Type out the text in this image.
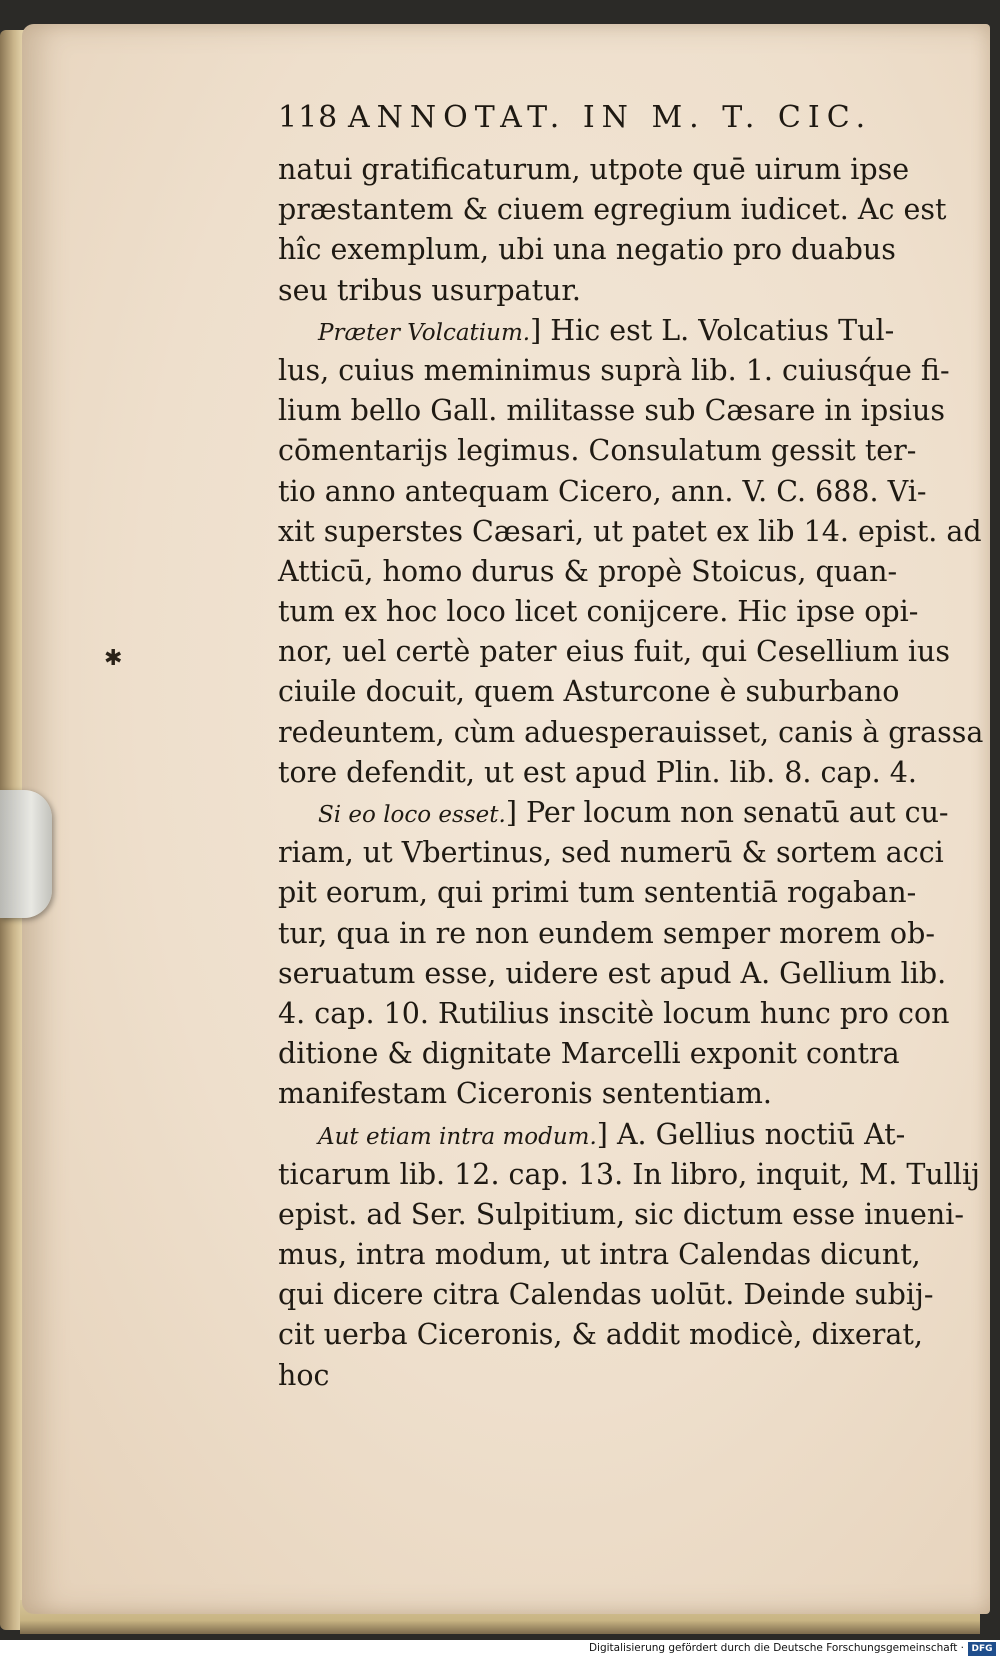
✱
118 ANNOTAT. IN M. T. CIC.
natui gratificaturum, utpote quē uirum ipse
præstantem & ciuem egregium iudicet. Ac est
hîc exemplum, ubi una negatio pro duabus
seu tribus usurpatur.
Præter Volcatium.] Hic est L. Volcatius Tul-
lus, cuius meminimus suprà lib. 1. cuiusq́ue fi-
lium bello Gall. militasse sub Cæsare in ipsius
cōmentarijs legimus. Consulatum gessit ter-
tio anno antequam Cicero, ann. V. C. 688. Vi-
xit superstes Cæsari, ut patet ex lib 14. epist. ad
Atticū, homo durus & propè Stoicus, quan-
tum ex hoc loco licet conijcere. Hic ipse opi-
nor, uel certè pater eius fuit, qui Cesellium ius
ciuile docuit, quem Asturcone è suburbano
redeuntem, cùm aduesperauisset, canis à grassa
tore defendit, ut est apud Plin. lib. 8. cap. 4.
Si eo loco esset.] Per locum non senatū aut cu-
riam, ut Vbertinus, sed numerū & sortem acci
pit eorum, qui primi tum sententiā rogaban-
tur, qua in re non eundem semper morem ob-
seruatum esse, uidere est apud A. Gellium lib.
4. cap. 10. Rutilius inscitè locum hunc pro con
ditione & dignitate Marcelli exponit contra
manifestam Ciceronis sententiam.
Aut etiam intra modum.] A. Gellius noctiū At-
ticarum lib. 12. cap. 13. In libro, inquit, M. Tullij
epist. ad Ser. Sulpitium, sic dictum esse inueni-
mus, intra modum, ut intra Calendas dicunt,
qui dicere citra Calendas uolūt. Deinde subij-
cit uerba Ciceronis, & addit modicè, dixerat,
hoc
Digitalisierung gefördert durch die Deutsche Forschungsgemeinschaft · DFG
